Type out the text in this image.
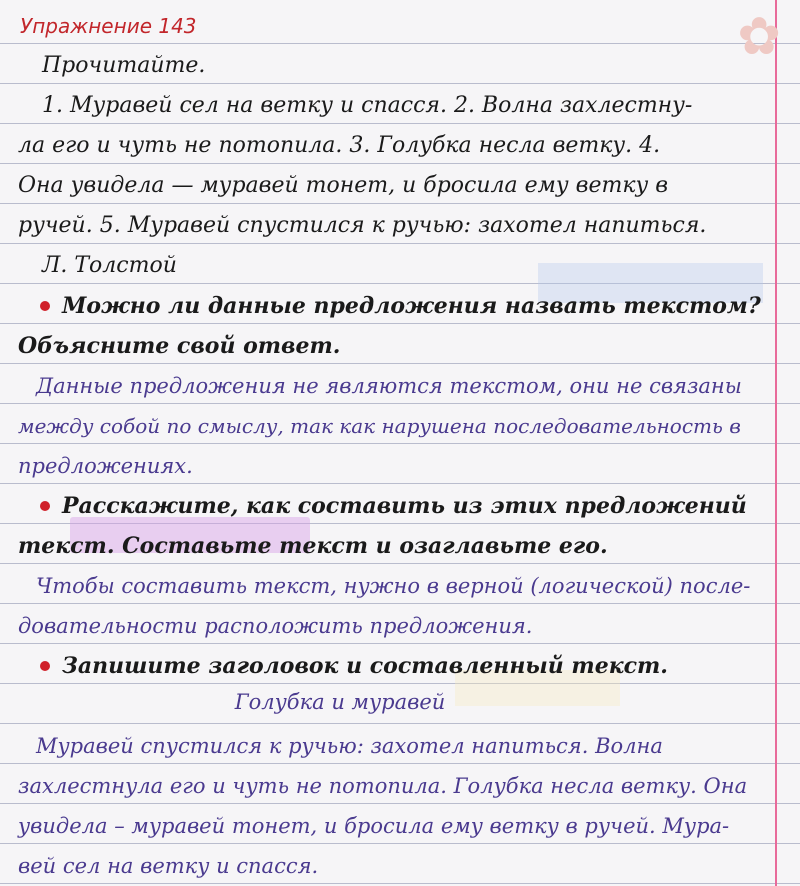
✿
Упражнение 143
Прочитайте.
1. Муравей сел на ветку и спасся. 2. Волна захлестну-
ла его и чуть не потопила. 3. Голубка несла ветку. 4.
Она увидела — муравей тонет, и бросила ему ветку в
ручей. 5. Муравей спустился к ручью: захотел напиться.
Л. Толстой
Можно ли данные предложения назвать текстом?
Объясните свой ответ.
Данные предложения не являются текстом, они не связаны
между собой по смыслу, так как нарушена последовательность в
предложениях.
Расскажите, как составить из этих предложений
текст. Составьте текст и озаглавьте его.
Чтобы составить текст, нужно в верной (логической) после-
довательности расположить предложения.
Запишите заголовок и составленный текст.
Голубка и муравей
Муравей спустился к ручью: захотел напиться. Волна
захлестнула его и чуть не потопила. Голубка несла ветку. Она
увидела – муравей тонет, и бросила ему ветку в ручей. Мура-
вей сел на ветку и спасся.
